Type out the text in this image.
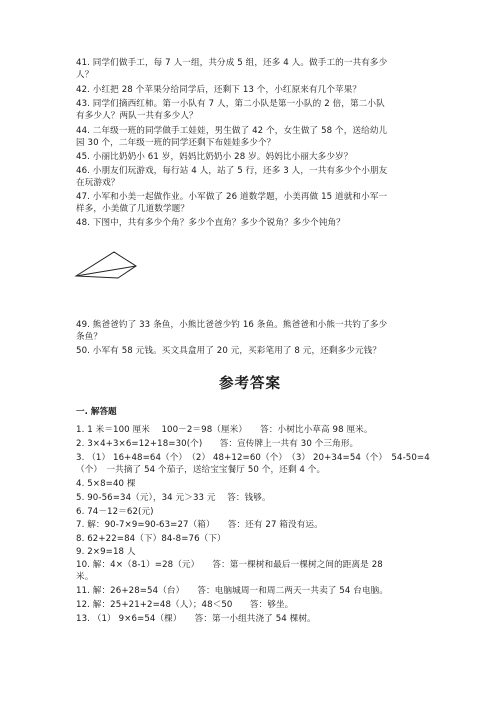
41. 同学们做手工，每 7 人一组，共分成 5 组，还多 4 人。做手工的一共有多少
人？
42. 小红把 28 个苹果分给同学后，还剩下 13 个，小红原来有几个苹果？
43. 同学们摘西红柿。第一小队有 7 人，第二小队是第一小队的 2 倍，第二小队
有多少人？两队一共有多少人？
44. 二年级一班的同学做手工娃娃，男生做了 42 个，女生做了 58 个，送给幼儿
园 30 个，二年级一班的同学还剩下布娃娃多少个？
45. 小丽比奶奶小 61 岁，妈妈比奶奶小 28 岁。妈妈比小丽大多少岁？
46. 小朋友们玩游戏，每行站 4 人，站了 5 行，还多 3 人，一共有多少个小朋友
在玩游戏？
47. 小军和小美一起做作业。小军做了 26 道数学题，小美再做 15 道就和小军一
样多，小美做了几道数学题？
48. 下图中，共有多少个角？多少个直角？多少个锐角？多少个钝角？
49. 熊爸爸钓了 33 条鱼，小熊比爸爸少钓 16 条鱼。熊爸爸和小熊一共钓了多少
条鱼？
50. 小军有 58 元钱。买文具盒用了 20 元，买彩笔用了 8 元，还剩多少元钱？
参考答案
一. 解答题
1. 1 米＝100 厘米　 100－2＝98（厘米）　　答：小树比小草高 98 厘米。
2. 3×4+3×6=12+18=30(个)　　答：宣传牌上一共有 30 个三角形。
3. （1） 16+48=64（个）　（2） 48+12=60（个）　（3） 20+34=54（个）　54-50=4
（个）　一共摘了 54 个茄子，送给宝宝餐厅 50 个，还剩 4 个。
4. 5×8=40 棵
5. 90-56=34（元），34 元＞33 元　 答：钱够。
6. 74－12＝62(元)
7. 解：90-7×9=90-63=27（箱）　　答：还有 27 箱没有运。
8. 62+22=84（下）84-8=76（下）
9. 2×9=18 人
10. 解：4×（8-1）=28（元）　　答：第一棵树和最后一棵树之间的距离是 28
米。
11. 解：26+28=54（台）　　答：电脑城周一和周二两天一共卖了 54 台电脑。
12. 解：25+21+2=48（人）；48＜50　　答：够坐。
13. （1） 9×6=54（棵）　　答：第一小组共浇了 54 棵树。
